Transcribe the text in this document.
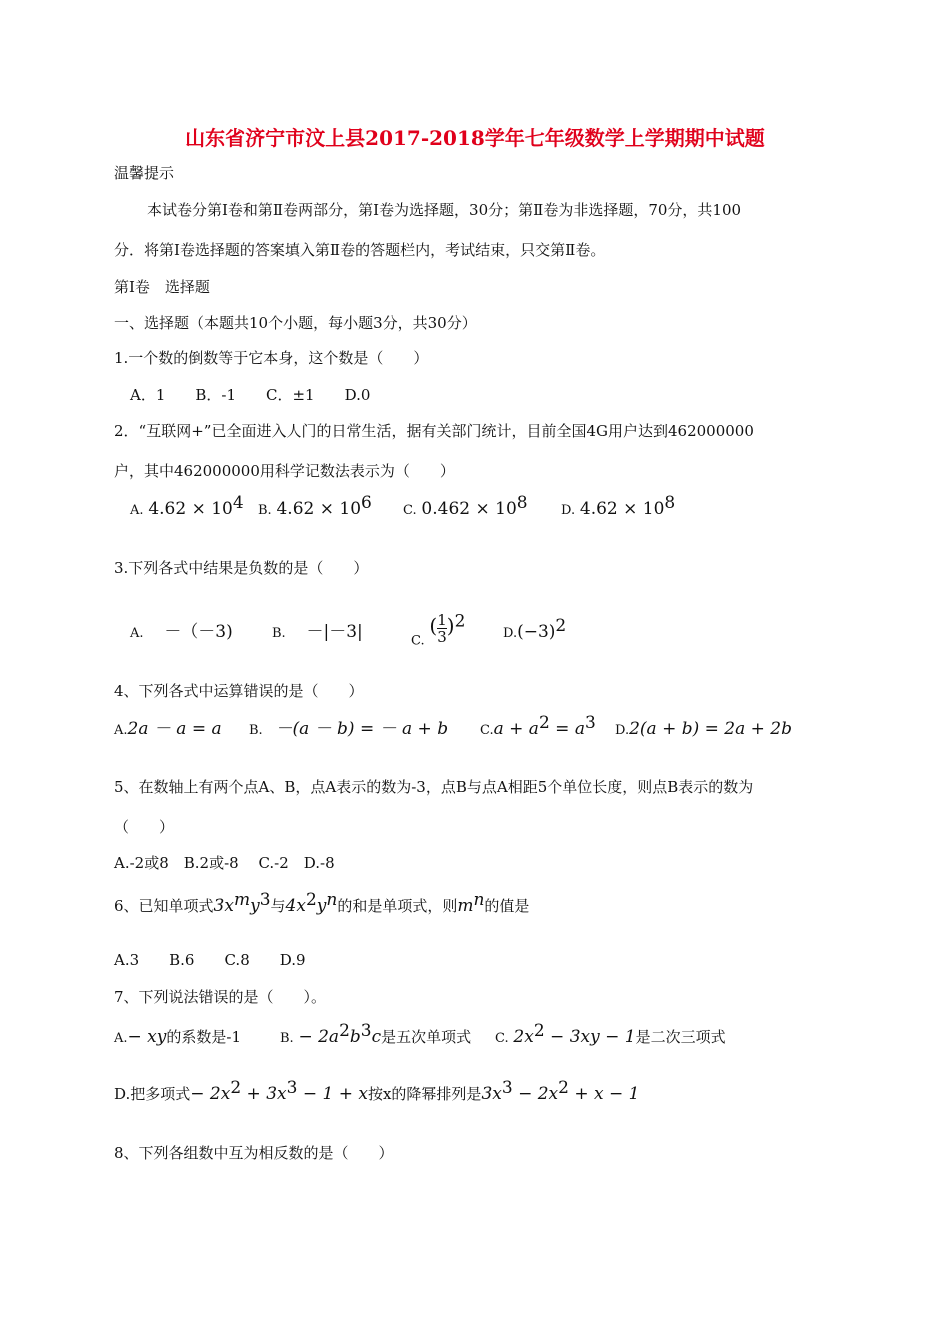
山东省济宁市汶上县2017-2018学年七年级数学上学期期中试题
温馨提示
本试卷分第Ⅰ卷和第Ⅱ卷两部分，第Ⅰ卷为选择题，30分；第Ⅱ卷为非选择题，70分，共100
分．将第Ⅰ卷选择题的答案填入第Ⅱ卷的答题栏内，考试结束，只交第Ⅱ卷。
第Ⅰ卷　选择题
一、选择题（本题共10个小题，每小题3分，共30分）
1.一个数的倒数等于它本身，这个数是（　　）
A．1　　B．-1　　C．±1　　D.0
2．“互联网+”已全面进入人门的日常生活，据有关部门统计，目前全国4G用户达到462000000
户，其中462000000用科学记数法表示为（　　）
A. $4.62 \times 10^4$ B. $4.62 \times 10^6$ C. $0.462 \times 10^8$	D. $4.62 \times 10^8$
3.下列各式中结果是负数的是（　　）
A. －（－3)	B. －|－3|	C. ( $\frac{1}{3} )^2$
$D.(-3)^2$
4、下列各式中运算错误的是（　　）
A.2a － a = a B. －(a － b) = － a + b $C.a + a^2 = a^3$ D.2(a + b) = 2a + 2b
5、在数轴上有两个点A、B，点A表示的数为-3，点B与点A相距5个单位长度，则点B表示的数为
（　　）
A.-2或8　B.2或-8　 C.-2　D.-8
6、已知单项式$3x^my^3$与$4x^2y^n$的和是单项式，则$m^n$的值是
A.3　　B.6　　C.8　　D.9
7、下列说法错误的是（　　）。
A.− xy的系数是-1	B. − $2a^2b^3c$是五次单项式 C. $2x^2 - 3xy - 1$是二次三项式
D.把多项式− $2x^2 + 3x^3 - 1 + x$按x的降幂排列是$3x^3 - 2x^2 + x - 1$
8、下列各组数中互为相反数的是（　　）
